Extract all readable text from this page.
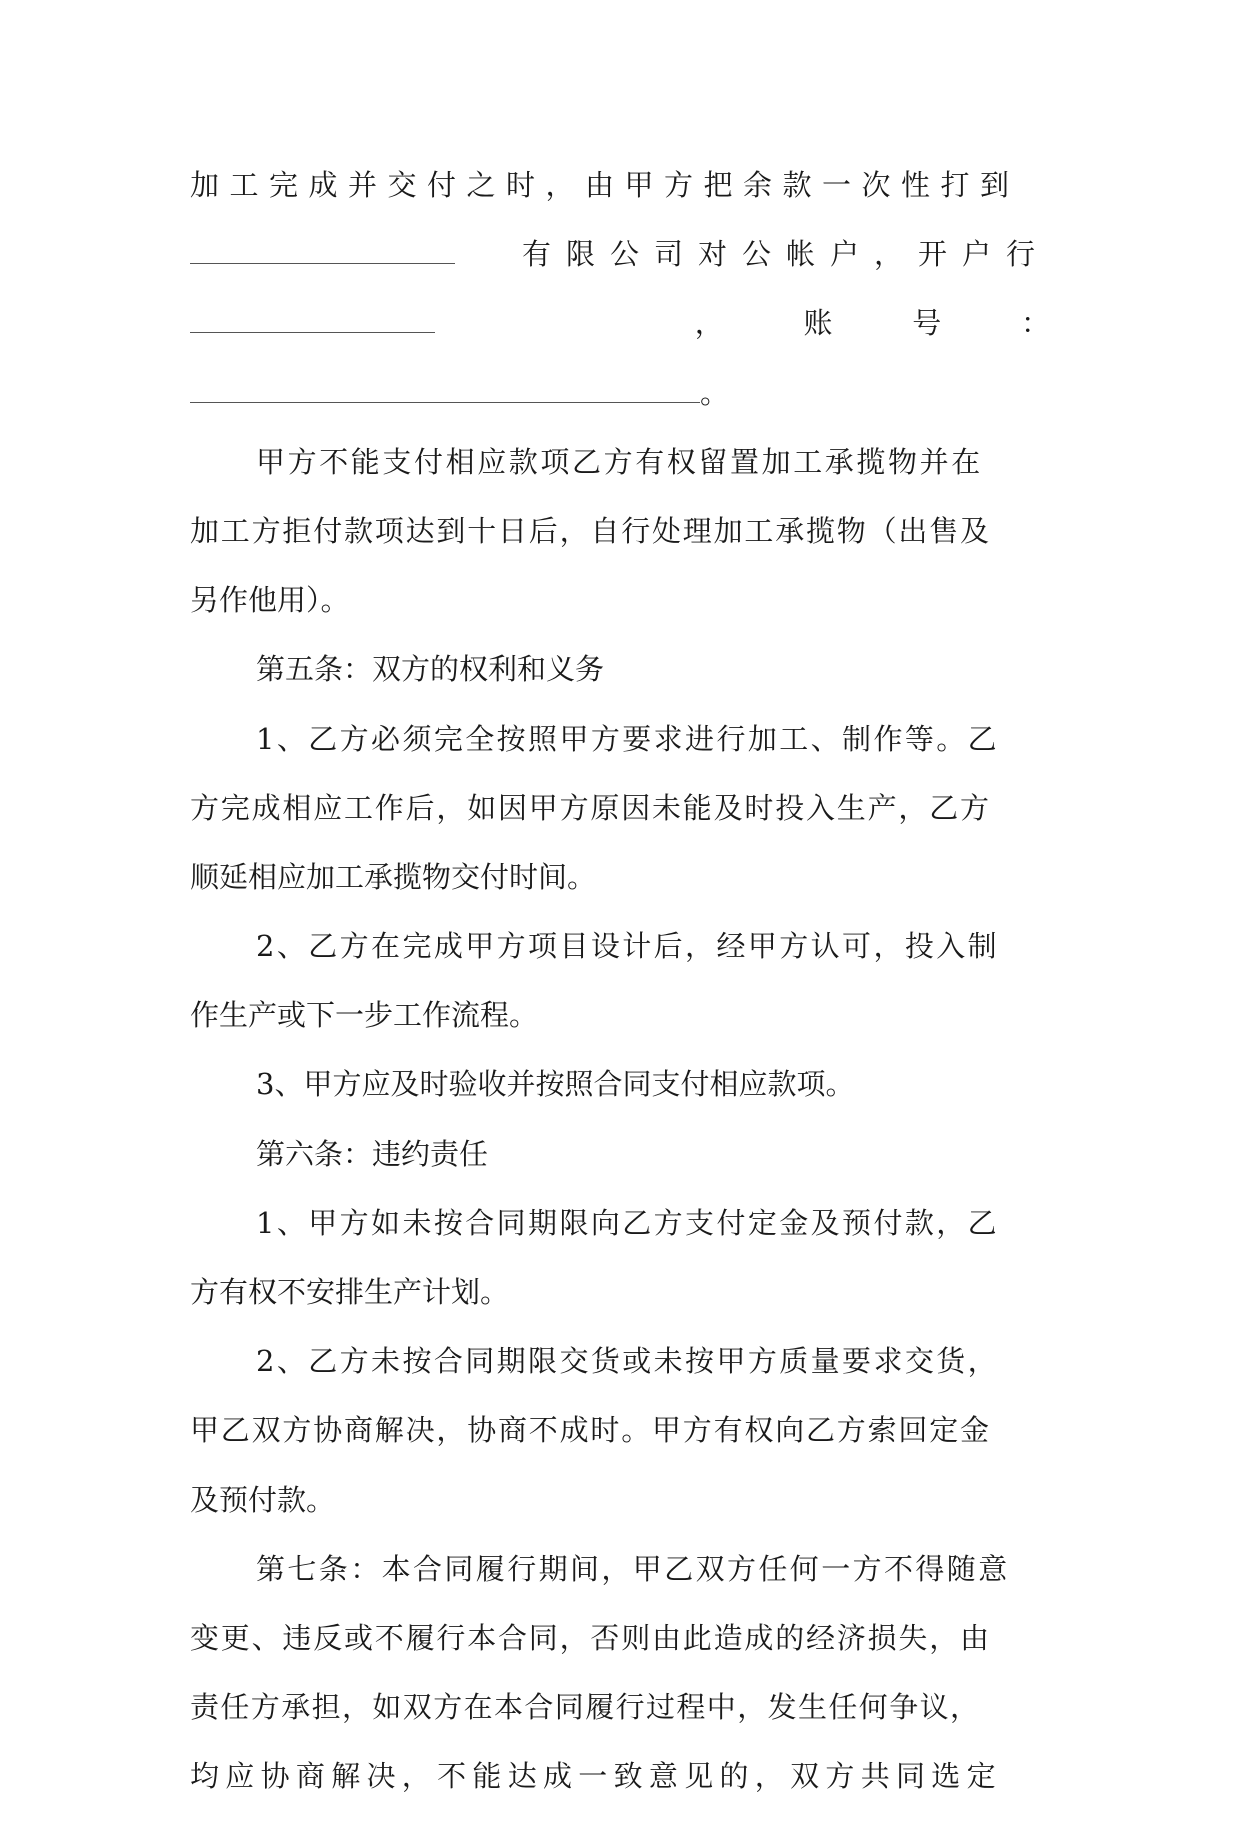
加工完成并交付之时，由甲方把余款一次性打到
有限公司对公帐户，开户行
，	账	号	：
。
甲方不能支付相应款项乙方有权留置加工承揽物并在
加工方拒付款项达到十日后，自行处理加工承揽物（出售及
另作他用）。
第五条：双方的权利和义务
1、乙方必须完全按照甲方要求进行加工、制作等。乙
方完成相应工作后，如因甲方原因未能及时投入生产，乙方
顺延相应加工承揽物交付时间。
2、乙方在完成甲方项目设计后，经甲方认可，投入制
作生产或下一步工作流程。
3、甲方应及时验收并按照合同支付相应款项。
第六条：违约责任
1、甲方如未按合同期限向乙方支付定金及预付款，乙
方有权不安排生产计划。
2、乙方未按合同期限交货或未按甲方质量要求交货，
甲乙双方协商解决，协商不成时。甲方有权向乙方索回定金
及预付款。
第七条：本合同履行期间，甲乙双方任何一方不得随意
变更、违反或不履行本合同，否则由此造成的经济损失，由
责任方承担，如双方在本合同履行过程中，发生任何争议，
均应协商解决，不能达成一致意见的，双方共同选定
